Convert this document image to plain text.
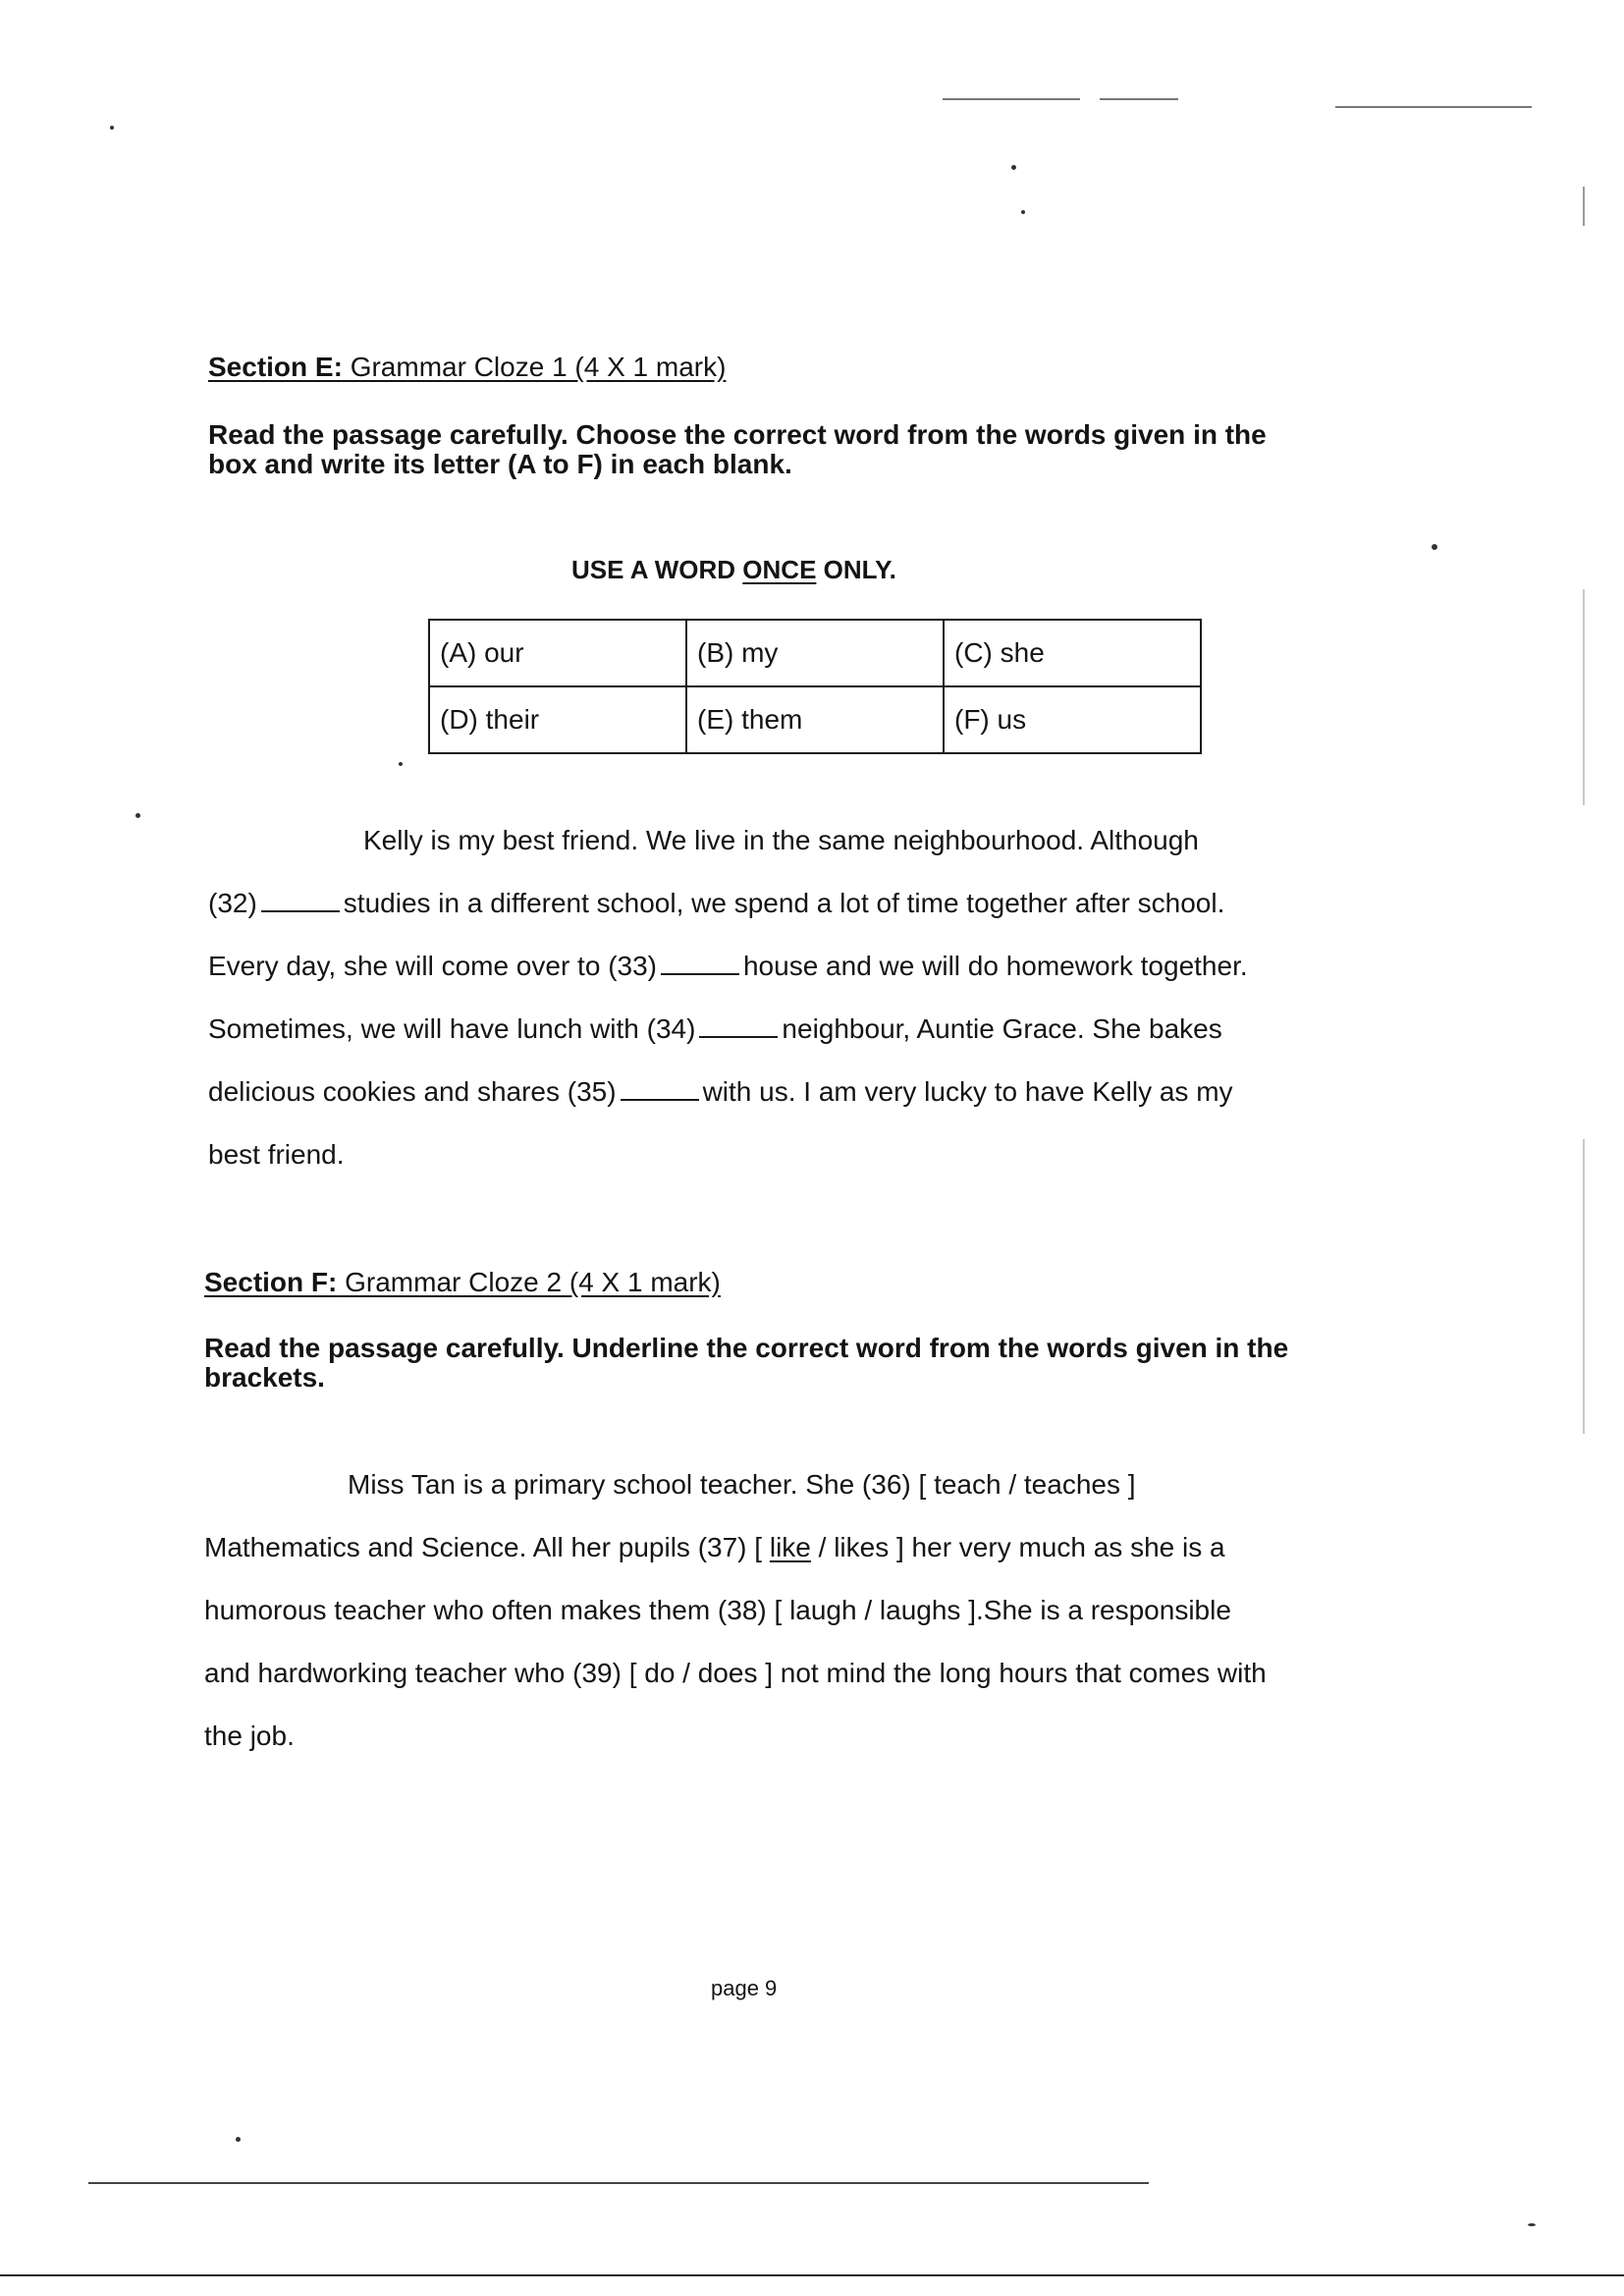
Section E: Grammar Cloze 1 (4 X 1 mark)
Read the passage carefully. Choose the correct word from the words given in the box and write its letter (A to F) in each blank.
USE A WORD ONCE ONLY.
(A) our	(B) my	(C) she
(D) their	(E) them	(F) us
Kelly is my best friend. We live in the same neighbourhood. Although
(32)	studies in a different school, we spend a lot of time together after school.
Every day, she will come over to (33)	house and we will do homework together.
Sometimes, we will have lunch with (34)	neighbour, Auntie Grace. She bakes
delicious cookies and shares (35)	with us. I am very lucky to have Kelly as my
best friend.
Section F: Grammar Cloze 2 (4 X 1 mark)
Read the passage carefully. Underline the correct word from the words given in the brackets.
Miss Tan is a primary school teacher. She (36) [ teach / teaches ]
Mathematics and Science. All her pupils (37) [ like / likes ] her very much as she is a
humorous teacher who often makes them (38) [ laugh / laughs ].She is a responsible
and hardworking teacher who (39) [ do / does ] not mind the long hours that comes with
the job.
page 9
